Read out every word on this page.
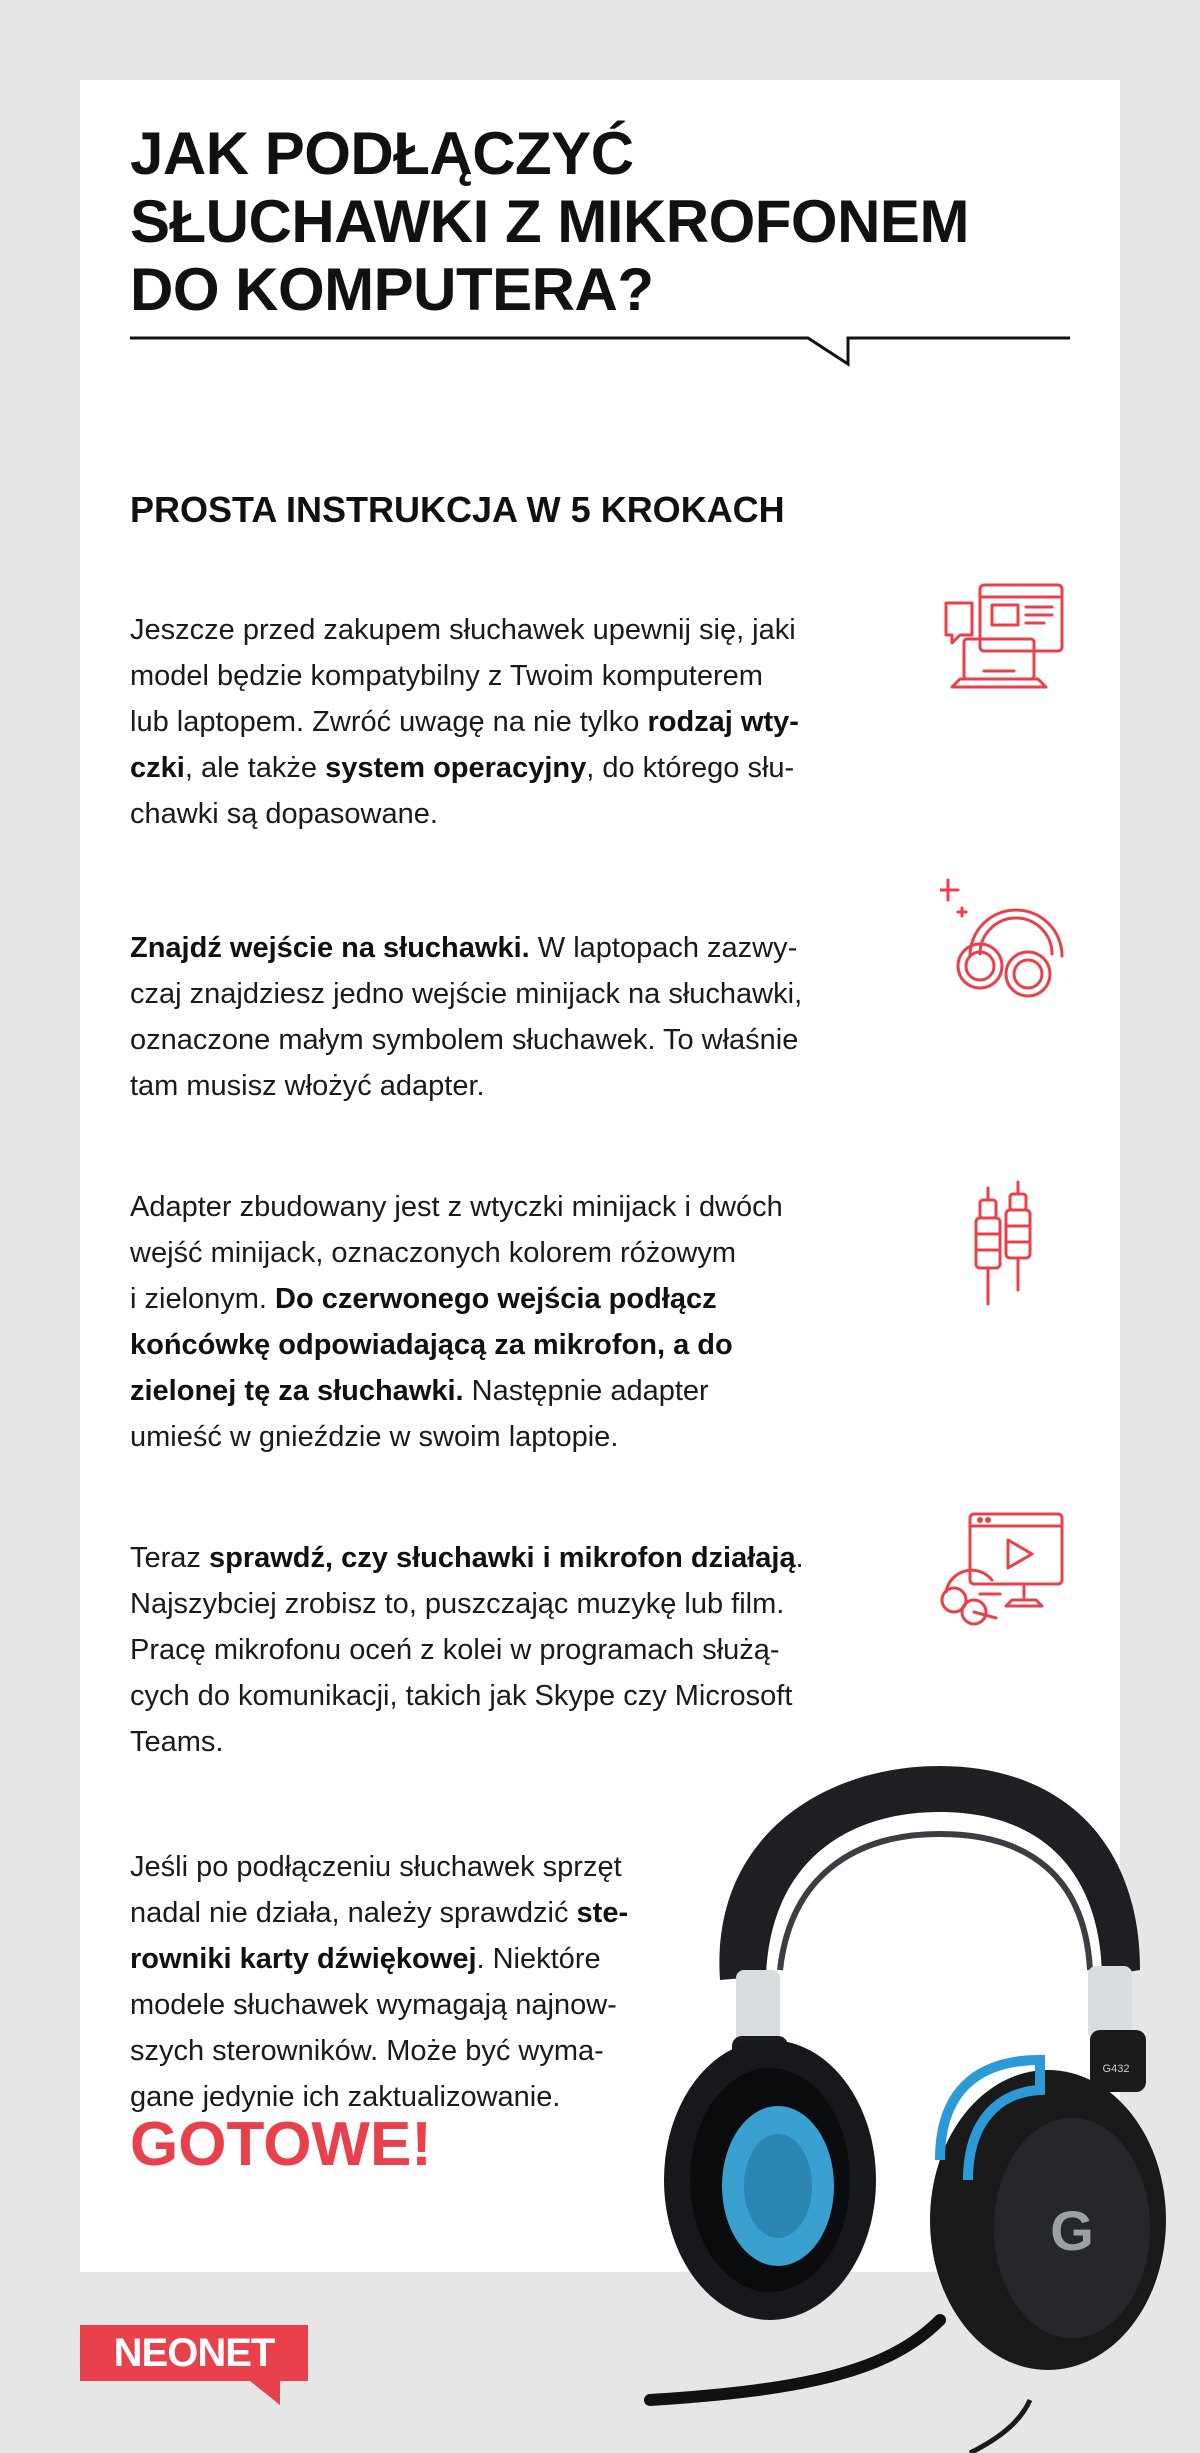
JAK PODŁĄCZYĆ
SŁUCHAWKI Z MIKROFONEM
DO KOMPUTERA?
PROSTA INSTRUKCJA W 5 KROKACH

Jeszcze przed zakupem słuchawek upewnij się, jaki
model będzie kompatybilny z Twoim komputerem
lub laptopem. Zwróć uwagę na nie tylko rodzaj wty-
czki, ale także system operacyjny, do którego słu-
chawki są dopasowane.

Znajdź wejście na słuchawki. W laptopach zazwy-
czaj znajdziesz jedno wejście minijack na słuchawki,
oznaczone małym symbolem słuchawek. To właśnie
tam musisz włożyć adapter.

Adapter zbudowany jest z wtyczki minijack i dwóch
wejść minijack, oznaczonych kolorem różowym
i zielonym. Do czerwonego wejścia podłącz
końcówkę odpowiadającą za mikrofon, a do
zielonej tę za słuchawki. Następnie adapter
umieść w gnieździe w swoim laptopie.

Teraz sprawdź, czy słuchawki i mikrofon działają.
Najszybciej zrobisz to, puszczając muzykę lub film.
Pracę mikrofonu oceń z kolei w programach służą-
cych do komunikacji, takich jak Skype czy Microsoft
Teams.

Jeśli po podłączeniu słuchawek sprzęt
nadal nie działa, należy sprawdzić ste-
rowniki karty dźwiękowej. Niektóre
modele słuchawek wymagają najnow-
szych sterowników. Może być wyma-
gane jedynie ich zaktualizowanie.

GOTOWE!

G432
G
NEONET
